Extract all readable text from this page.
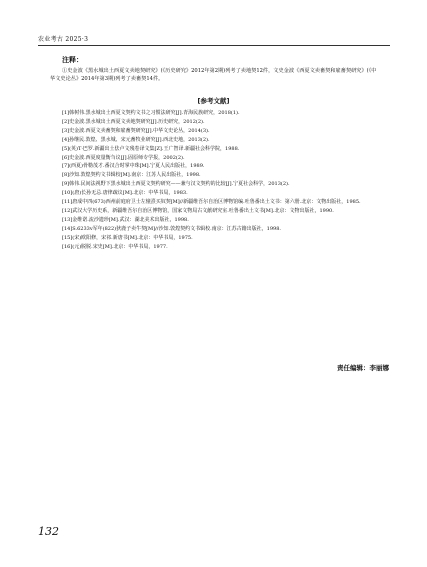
农业考古 2025·3
注释：
①史金波《黑水城出土西夏文卖地契研究》(《历史研究》2012年第2期)列考了卖地契12件，文史金波《西夏文卖畜契和雇畜契研究》(《中华文史论丛》2014年第3期)列考了卖畜契14件。
[参考文献]
[1]韩树伟.黑水城出土西夏文契约文书之习惯法研究[J].青海民族研究，2018(1).
[2]史金波.黑水城出土西夏文卖地契研究[J].历史研究，2012(2).
[3]史金波.西夏文卖畜契和雇畜契研究[J].中华文史论丛，2014(3).
[4]孙继民.敦煌、黑水城、宋元畜牧业研究[J].西北史地，2013(2).
[5](英)T·巴罗.新疆出土佉卢文残卷译文集[Z].王广智译.新疆社会科学院，1988.
[6]史金波.西夏度量衡刍议[J].固原师专学报，2002(2).
[7](西夏)骨勒茂才.番汉合时掌中珠[M].宁夏人民出版社，1989.
[8]沙知.敦煌契约文书辑校[M].南京：江苏人民出版社，1998.
[9]韩伟.民间法视野下黑水城出土西夏文契约研究——兼与汉文契约的比较[J].宁夏社会科学，2013(2).
[10](唐)长孙无忌.唐律疏议[M].北京：中华书局，1983.
[11]唐成中四(673)西州前庭府卫士左憧熹买奴契[M]//新疆维吾尔自治区博物馆编.吐鲁番出土文书：第六册.北京：文物出版社，1985.
[12]武汉大学历史系，新疆维吾尔自治区博物馆，国家文物局古文献研究室.吐鲁番出土文书[M].北京：文物出版社，1990.
[13]金维诺.流沙遗珍[M].武汉：湖北美术出版社，1998.
[14]S.6233v军年(822)狄鹿子卖牛契[M]//沙知.敦煌契约文书辑校.南京：江苏古籍出版社，1998.
[15](宋)欧阳修，宋祁.新唐书[M].北京：中华书局，1975.
[16](元)脱脱.宋史[M].北京：中华书局，1977.
责任编辑：李丽娜
132
